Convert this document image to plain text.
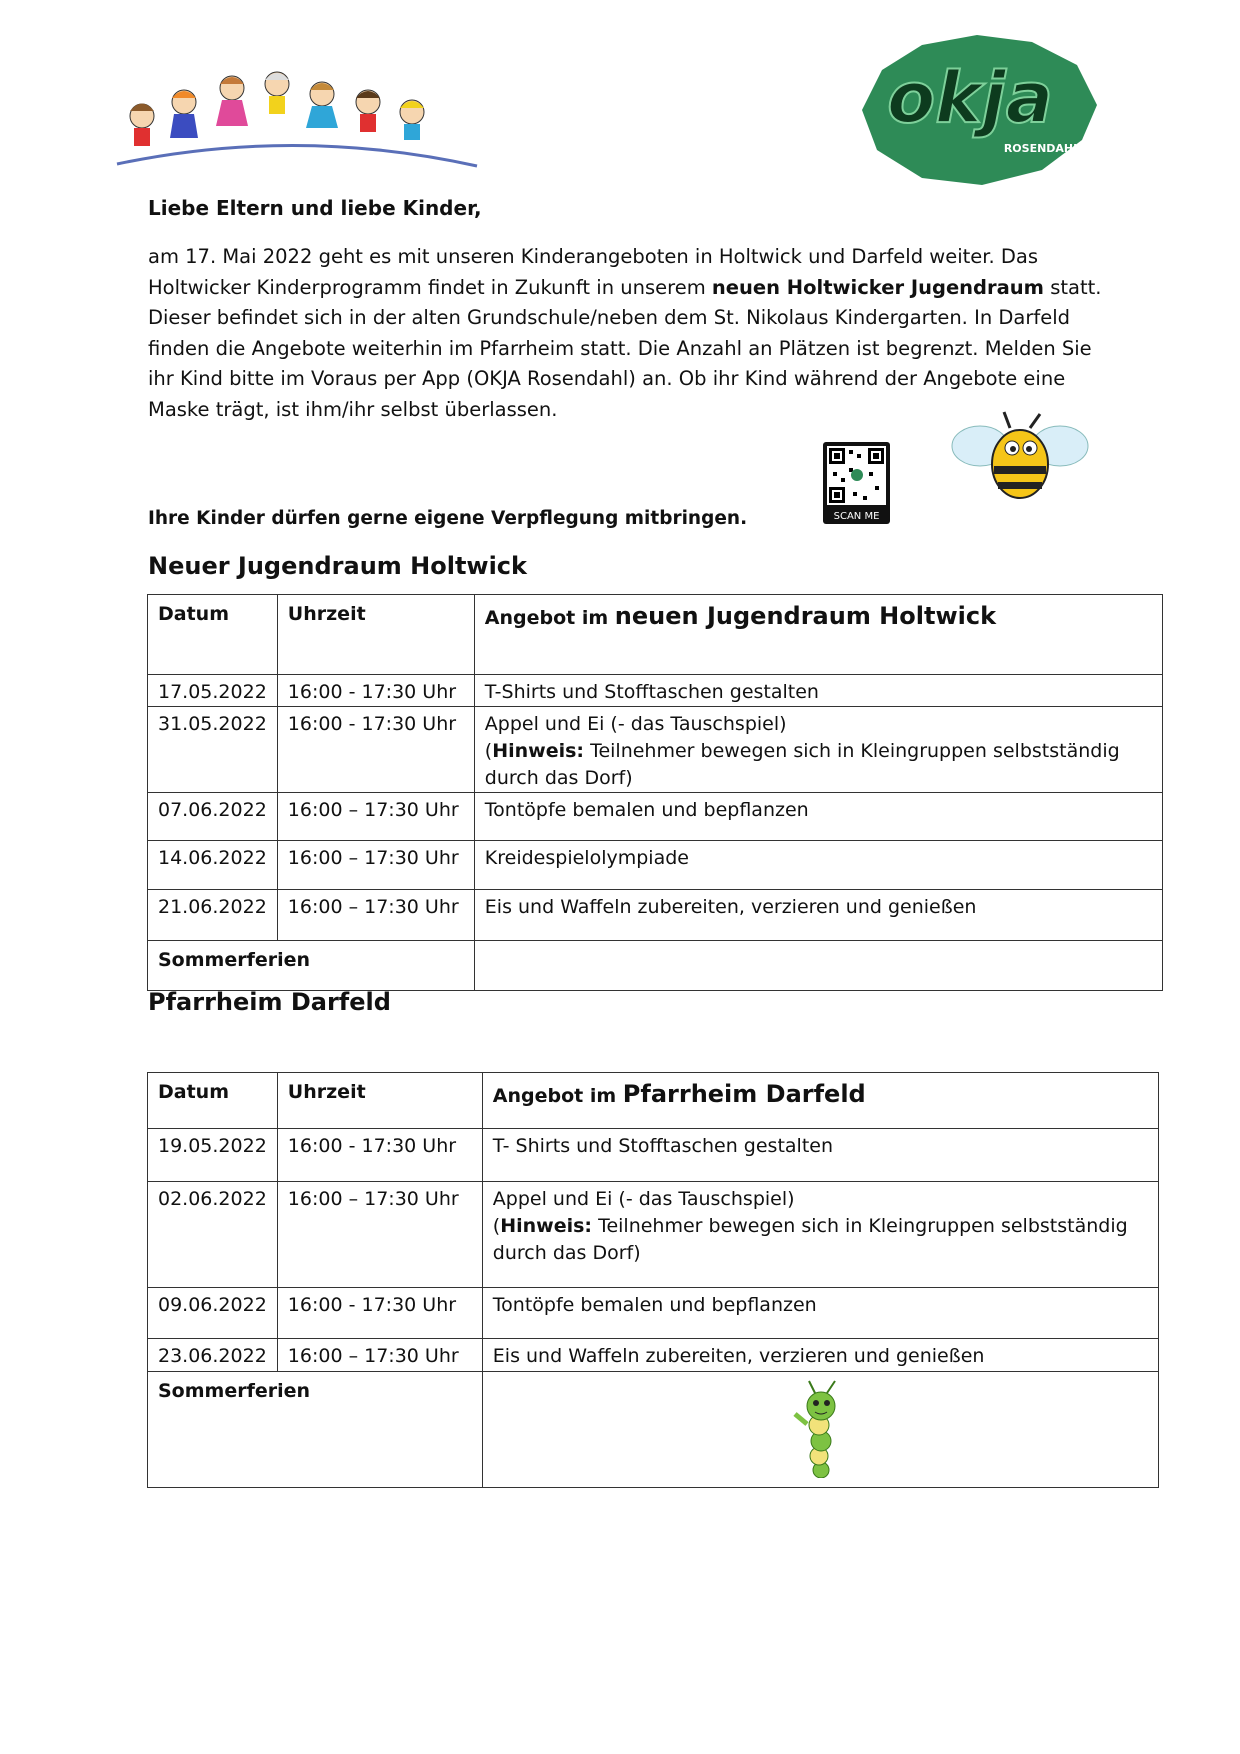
okja
ROSENDAHL
Liebe Eltern und liebe Kinder,
am 17. Mai 2022 geht es mit unseren Kinderangeboten in Holtwick und Darfeld weiter. Das Holtwicker Kinderprogramm findet in Zukunft in unserem neuen Holtwicker Jugendraum statt. Dieser befindet sich in der alten Grundschule/neben dem St. Nikolaus Kindergarten. In Darfeld finden die Angebote weiterhin im Pfarrheim statt. Die Anzahl an Plätzen ist begrenzt. Melden Sie ihr Kind bitte im Voraus per App (OKJA Rosendahl) an. Ob ihr Kind während der Angebote eine Maske trägt, ist ihm/ihr selbst überlassen.
SCAN ME
Ihre Kinder dürfen gerne eigene Verpflegung mitbringen.
Neuer Jugendraum Holtwick
Datum	Uhrzeit	Angebot im neuen Jugendraum Holtwick
17.05.2022	16:00 - 17:30 Uhr	T-Shirts und Stofftaschen gestalten
31.05.2022	16:00 - 17:30 Uhr	Appel und Ei (- das Tauschspiel)
(Hinweis: Teilnehmer bewegen sich in Kleingruppen selbstständig durch das Dorf)

07.06.2022	16:00 – 17:30 Uhr	Tontöpfe bemalen und bepflanzen
14.06.2022	16:00 – 17:30 Uhr	Kreidespielolympiade
21.06.2022	16:00 – 17:30 Uhr	Eis und Waffeln zubereiten, verzieren und genießen
Sommerferien		
Pfarrheim Darfeld
Datum	Uhrzeit	Angebot im Pfarrheim Darfeld
19.05.2022	16:00 - 17:30 Uhr	T- Shirts und Stofftaschen gestalten
02.06.2022	16:00 – 17:30 Uhr	Appel und Ei (- das Tauschspiel)
(Hinweis: Teilnehmer bewegen sich in Kleingruppen selbstständig durch das Dorf)

09.06.2022	16:00 - 17:30 Uhr	Tontöpfe bemalen und bepflanzen
23.06.2022	16:00 – 17:30 Uhr	Eis und Waffeln zubereiten, verzieren und genießen
Sommerferien	
